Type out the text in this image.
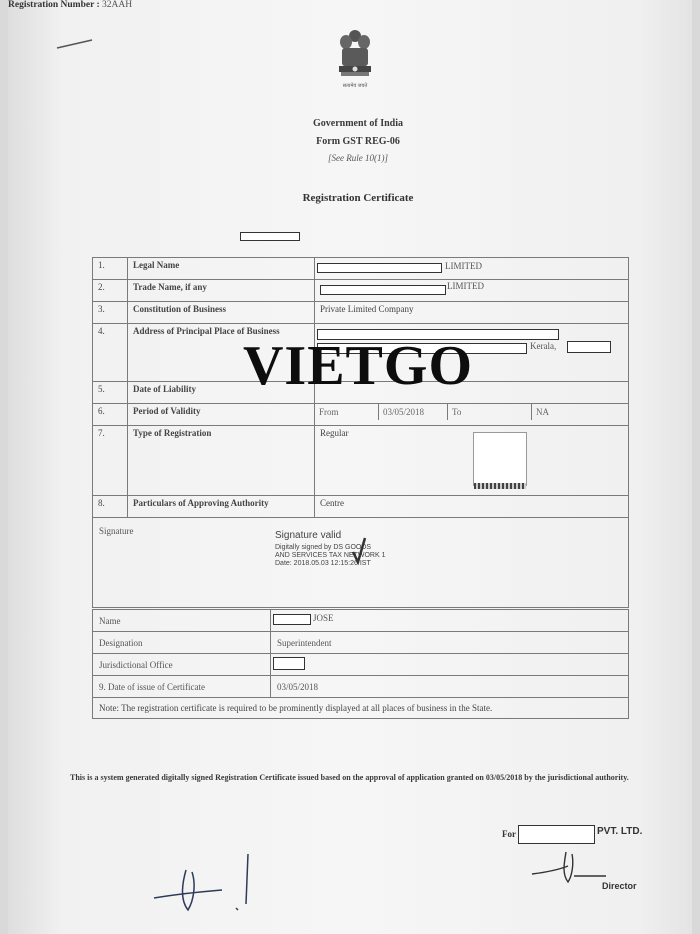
सत्यमेव जयते
Government of India
Form GST REG-06
[See Rule 10(1)]
Registration Certificate
Registration Number : 32AAH
1.	Legal Name	LIMITED

2.	Trade Name, if any	LIMITED

3.	Constitution of Business	Private Limited Company
4.	Address of Principal Place of Business	
Kerala,

5.	Date of Liability	
6.	Period of Validity		From	03/05/2018	To	NA

7.	Type of Registration	Regular

8.	Particulars of Approving Authority	Centre
Signature	Signature valid
Digitally signed by DS GOODS
AND SERVICES TAX NETWORK 1
Date: 2018.05.03 12:15:26 IST
Name	JOSE

Designation	Superintendent
Jurisdictional Office	

9. Date of issue of Certificate	03/05/2018
Note: The registration certificate is required to be prominently displayed at all places of business in the State.
This is a system generated digitally signed Registration Certificate issued based on the approval of application granted on 03/05/2018 by the jurisdictional authority.
VIETGO
For	PVT. LTD.
Director
